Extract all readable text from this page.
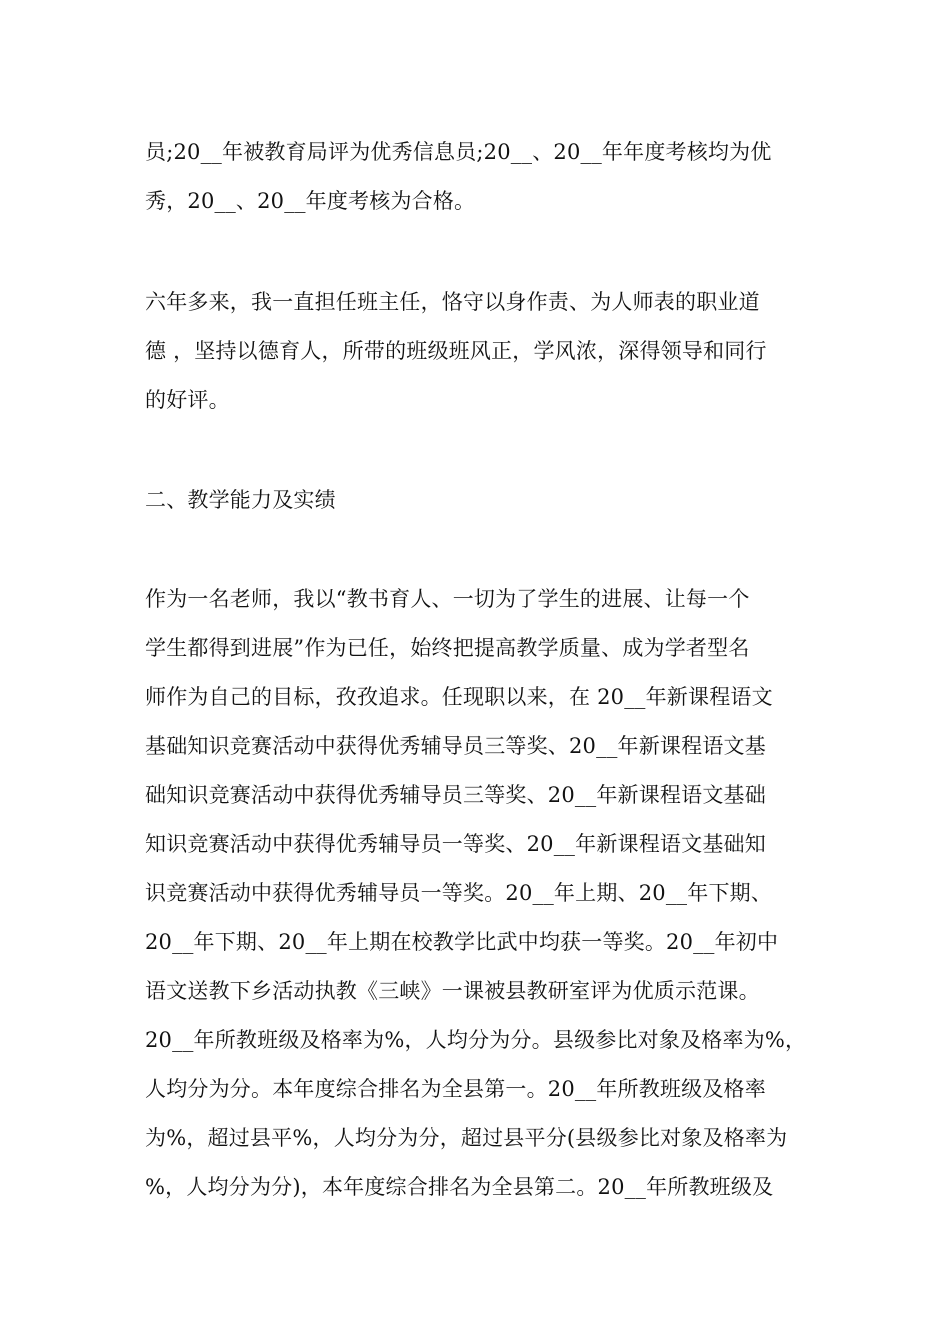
员;20__年被教育局评为优秀信息员;20__、20__年年度考核均为优
秀，20__、20__年度考核为合格。
六年多来，我一直担任班主任，恪守以身作责、为人师表的职业道
德 ，坚持以德育人，所带的班级班风正，学风浓，深得领导和同行
的好评。
二、教学能力及实绩
作为一名老师，我以“教书育人、一切为了学生的进展、让每一个
学生都得到进展”作为已任，始终把提高教学质量、成为学者型名
师作为自己的目标，孜孜追求。任现职以来，在 20__年新课程语文
基础知识竞赛活动中获得优秀辅导员三等奖、20__年新课程语文基
础知识竞赛活动中获得优秀辅导员三等奖、20__年新课程语文基础
知识竞赛活动中获得优秀辅导员一等奖、20__年新课程语文基础知
识竞赛活动中获得优秀辅导员一等奖。20__年上期、20__年下期、
20__年下期、20__年上期在校教学比武中均获一等奖。20__年初中
语文送教下乡活动执教《三峡》一课被县教研室评为优质示范课。
20__年所教班级及格率为%，人均分为分。县级参比对象及格率为%，
人均分为分。本年度综合排名为全县第一。20__年所教班级及格率
为%，超过县平%，人均分为分，超过县平分(县级参比对象及格率为
%，人均分为分)，本年度综合排名为全县第二。20__年所教班级及
